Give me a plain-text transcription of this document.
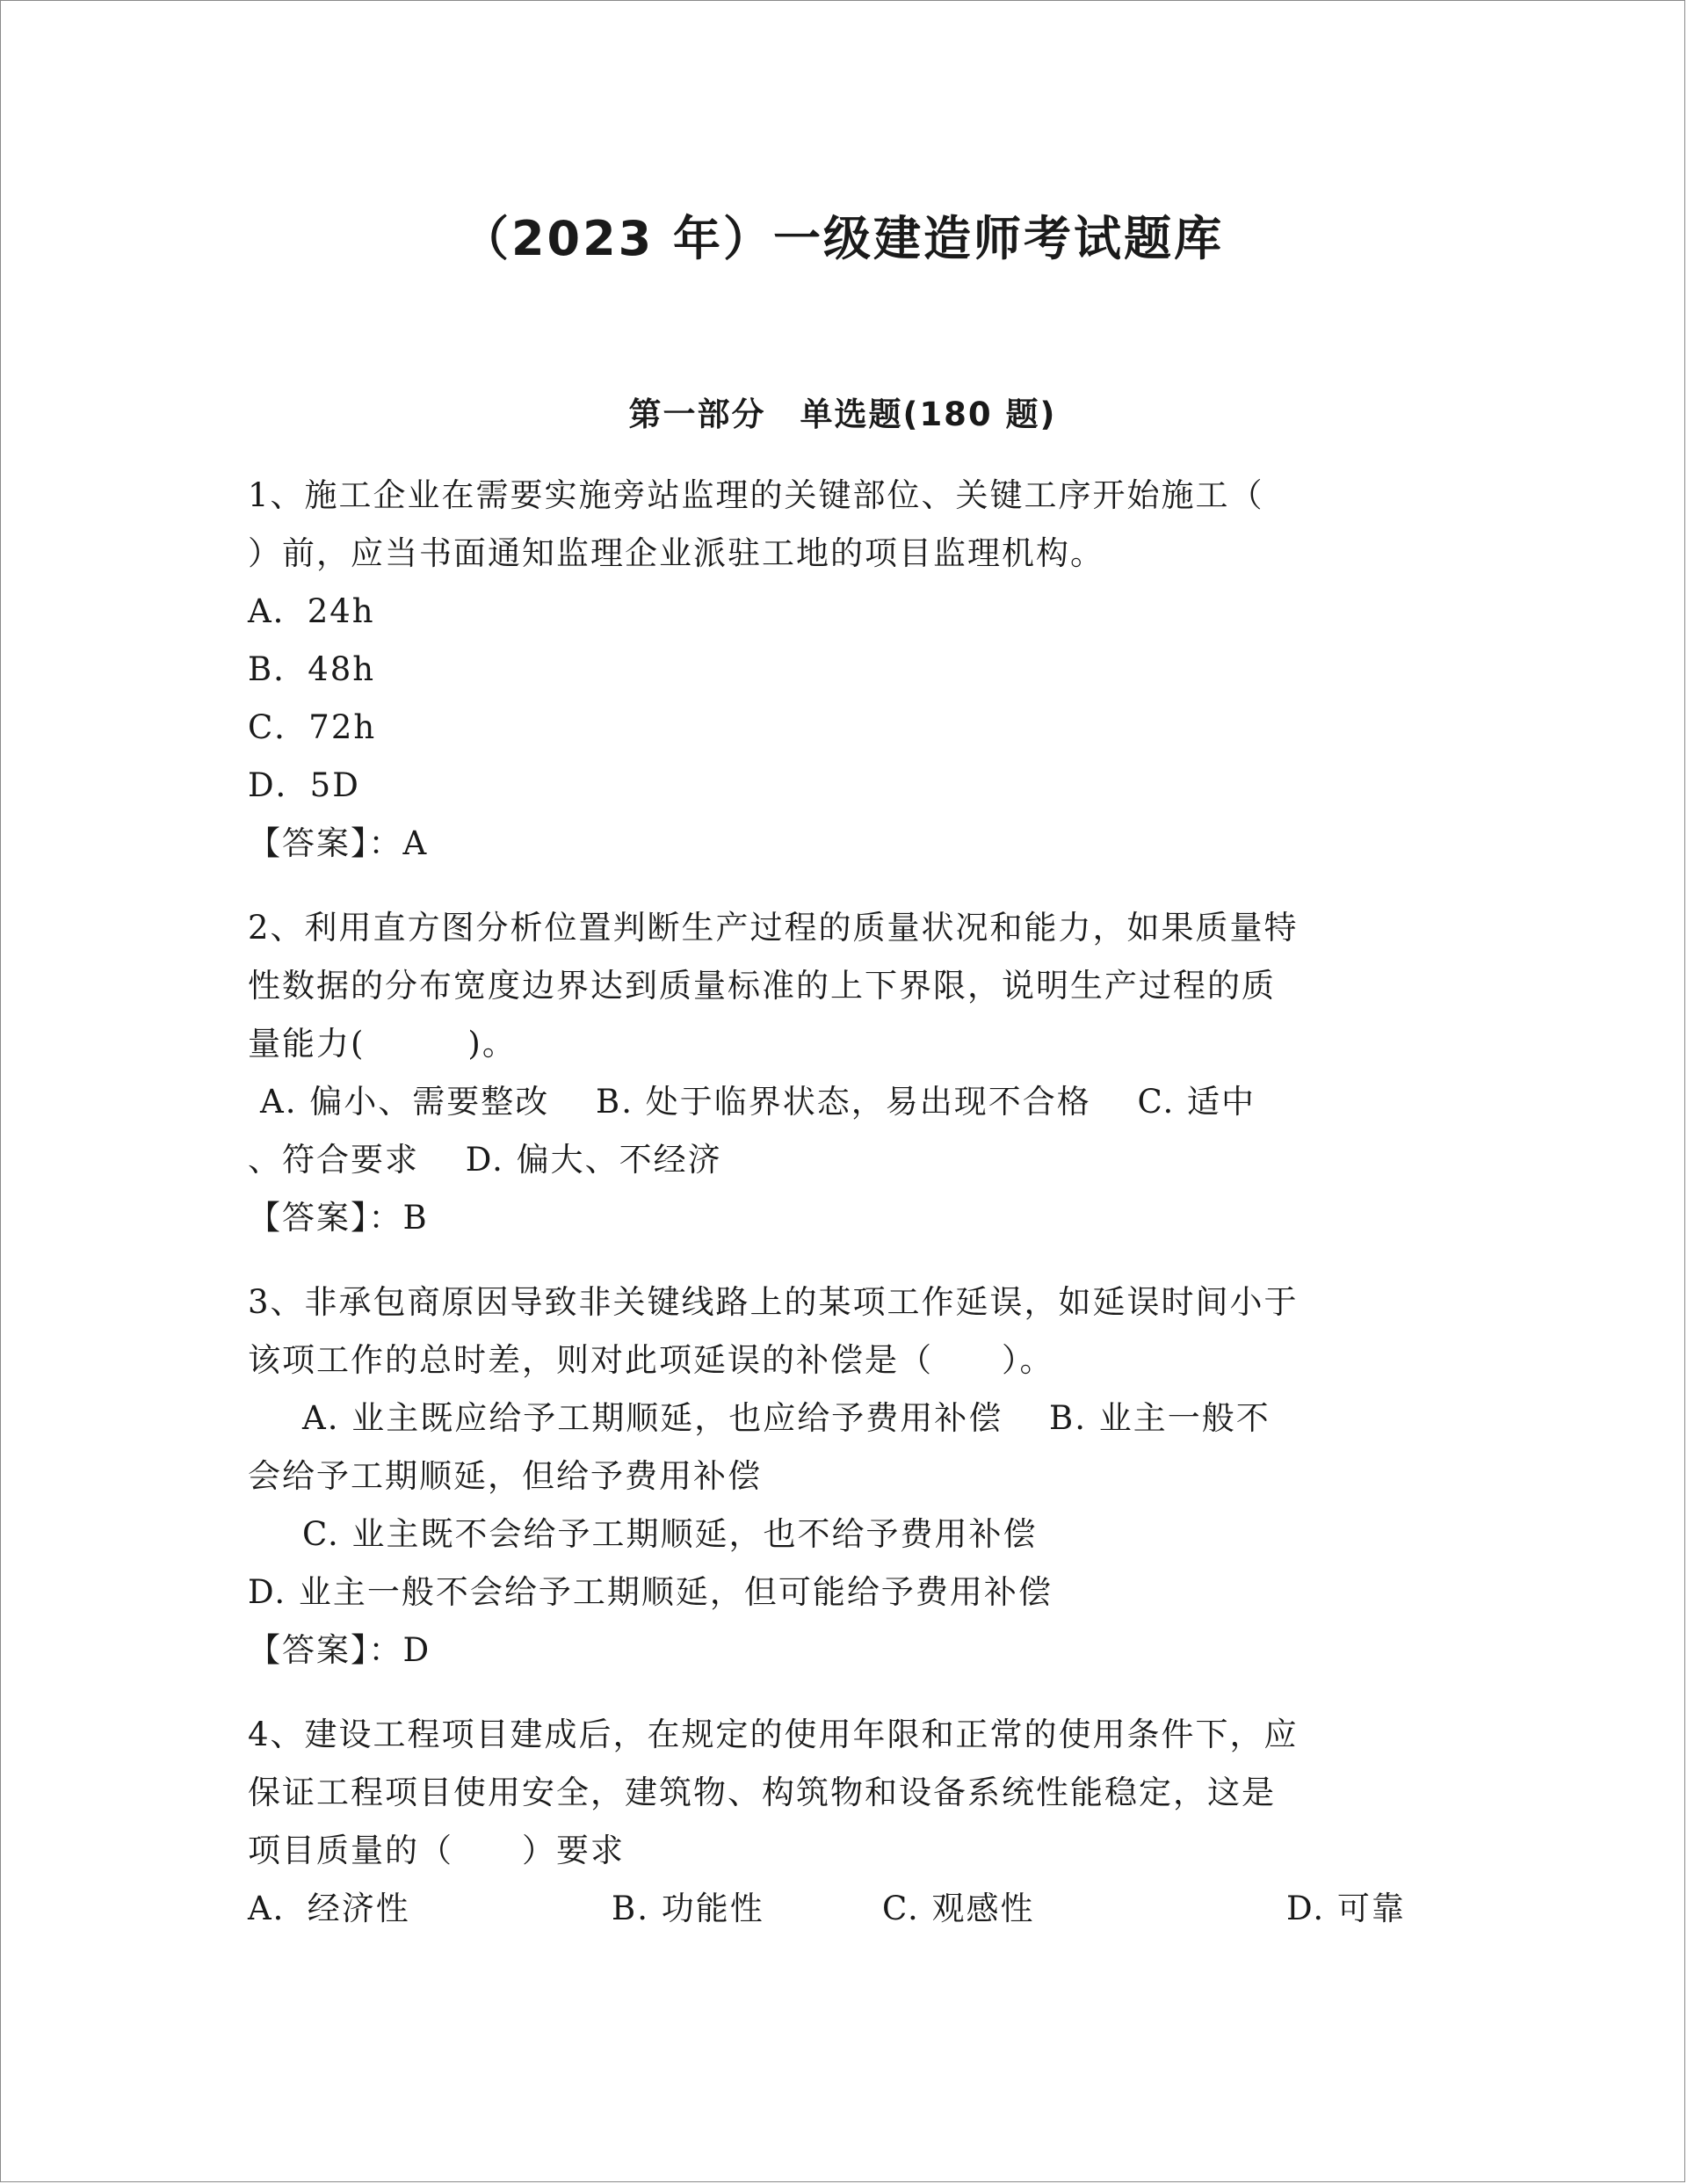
（2023 年）一级建造师考试题库
第一部分　单选题(180 题)
1、施工企业在需要实施旁站监理的关键部位、关键工序开始施工（
）前，应当书面通知监理企业派驻工地的项目监理机构。
A．24h
B．48h
C．72h
D．5D
【答案】：A
2、利用直方图分析位置判断生产过程的质量状况和能力，如果质量特
性数据的分布宽度边界达到质量标准的上下界限，说明生产过程的质
量能力(　　　)。
A. 偏小、需要整改　 B. 处于临界状态，易出现不合格　 C. 适中
、符合要求　 D. 偏大、不经济
【答案】：B
3、非承包商原因导致非关键线路上的某项工作延误，如延误时间小于
该项工作的总时差，则对此项延误的补偿是（　　）。
A. 业主既应给予工期顺延，也应给予费用补偿　 B. 业主一般不
会给予工期顺延，但给予费用补偿
C. 业主既不会给予工期顺延，也不给予费用补偿
D. 业主一般不会给予工期顺延，但可能给予费用补偿
【答案】：D
4、建设工程项目建成后，在规定的使用年限和正常的使用条件下，应
保证工程项目使用安全，建筑物、构筑物和设备系统性能稳定，这是
项目质量的（　　）要求
A．经济性	B. 功能性	C. 观感性	D. 可靠
